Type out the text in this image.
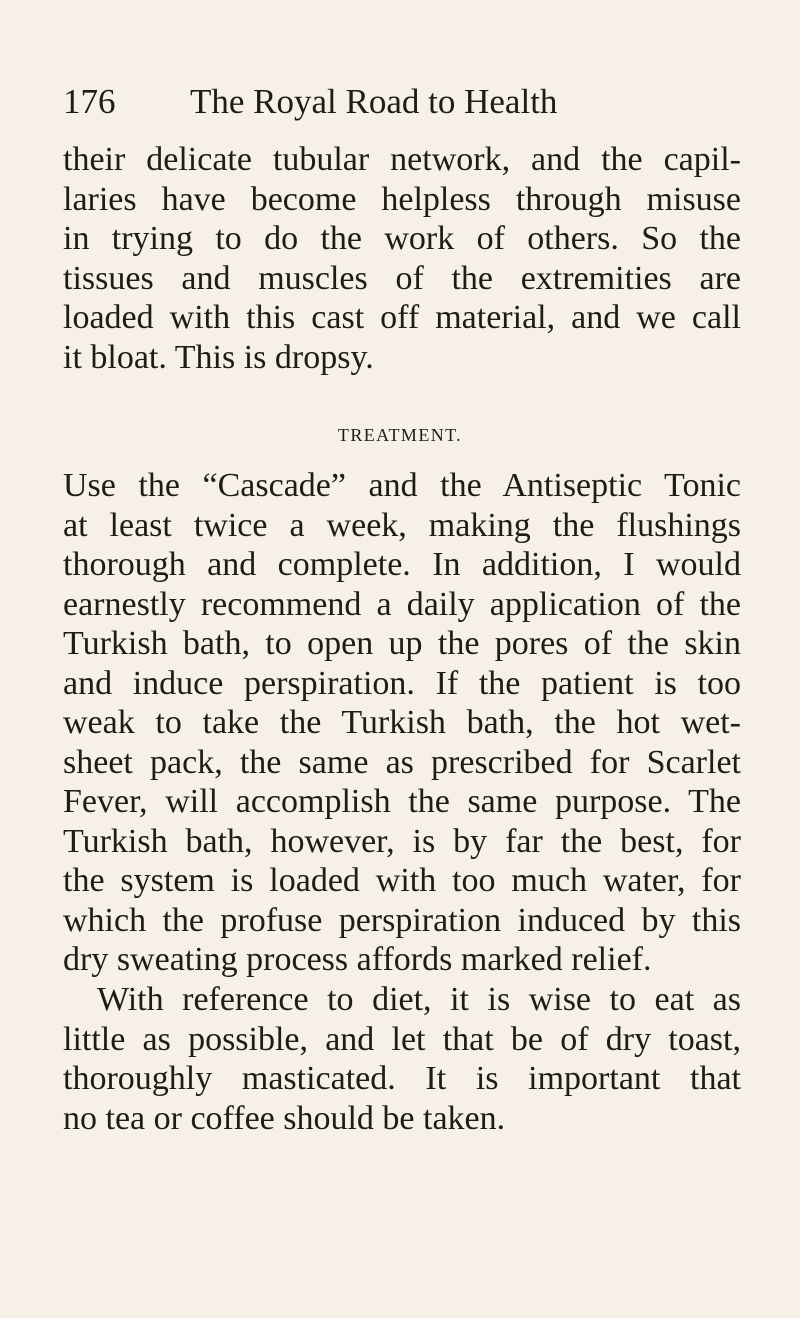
176 The Royal Road to Health
their delicate tubular network, and the capil-
laries have become helpless through misuse
in trying to do the work of others. So the
tissues and muscles of the extremities are
loaded with this cast off material, and we call
it bloat. This is dropsy.
TREATMENT.
Use the “Cascade” and the Antiseptic Tonic
at least twice a week, making the flushings
thorough and complete. In addition, I would
earnestly recommend a daily application of the
Turkish bath, to open up the pores of the skin
and induce perspiration. If the patient is too
weak to take the Turkish bath, the hot wet-
sheet pack, the same as prescribed for Scarlet
Fever, will accomplish the same purpose. The
Turkish bath, however, is by far the best, for
the system is loaded with too much water, for
which the profuse perspiration induced by this
dry sweating process affords marked relief.
With reference to diet, it is wise to eat as
little as possible, and let that be of dry toast,
thoroughly masticated. It is important that
no tea or coffee should be taken.
